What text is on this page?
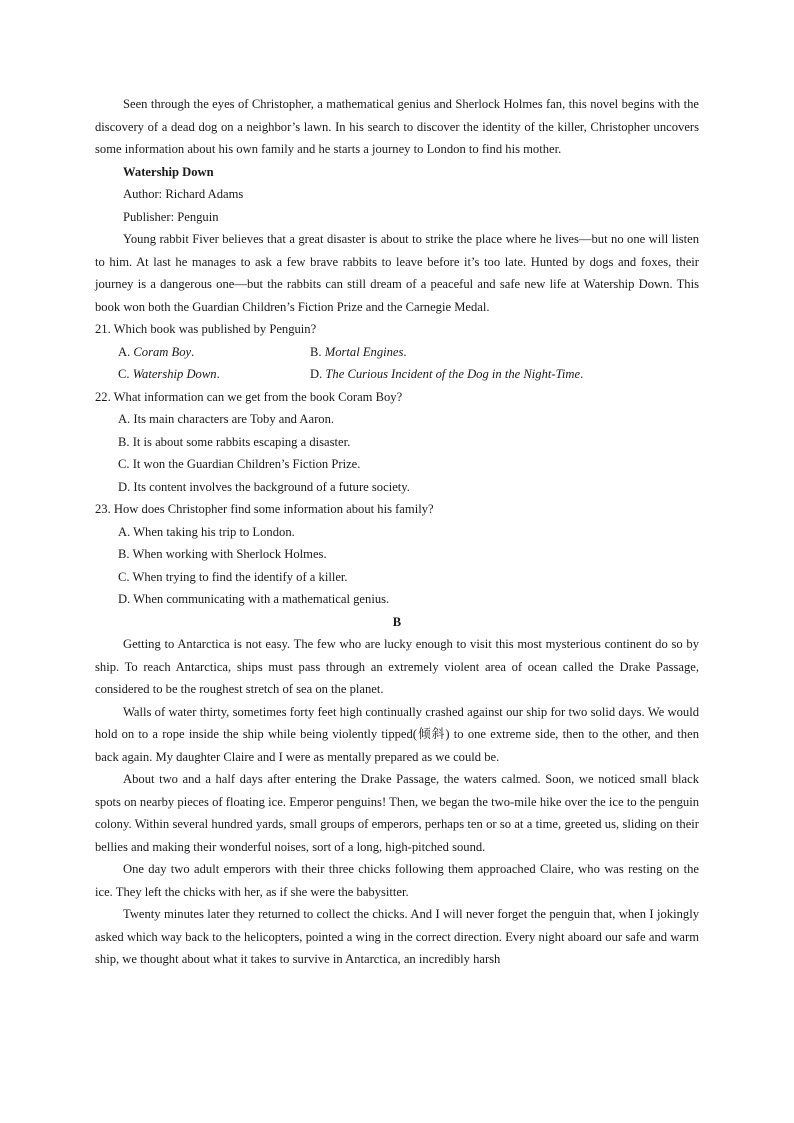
Seen through the eyes of Christopher, a mathematical genius and Sherlock Holmes fan, this novel begins with the discovery of a dead dog on a neighbor’s lawn. In his search to discover the identity of the killer, Christopher uncovers some information about his own family and he starts a journey to London to find his mother.

Watership Down

Author: Richard Adams

Publisher: Penguin

Young rabbit Fiver believes that a great disaster is about to strike the place where he lives—but no one will listen to him. At last he manages to ask a few brave rabbits to leave before it’s too late. Hunted by dogs and foxes, their journey is a dangerous one—but the rabbits can still dream of a peaceful and safe new life at Watership Down. This book won both the Guardian Children’s Fiction Prize and the Carnegie Medal.

21. Which book was published by Penguin?

A. Coram Boy.	B. Mortal Engines.
C. Watership Down.	D. The Curious Incident of the Dog in the Night-Time.

22. What information can we get from the book Coram Boy?

A. Its main characters are Toby and Aaron.

B. It is about some rabbits escaping a disaster.

C. It won the Guardian Children’s Fiction Prize.

D. Its content involves the background of a future society.

23. How does Christopher find some information about his family?

A. When taking his trip to London.

B. When working with Sherlock Holmes.

C. When trying to find the identify of a killer.

D. When communicating with a mathematical genius.

B

Getting to Antarctica is not easy. The few who are lucky enough to visit this most mysterious continent do so by ship. To reach Antarctica, ships must pass through an extremely violent area of ocean called the Drake Passage, considered to be the roughest stretch of sea on the planet.

Walls of water thirty, sometimes forty feet high continually crashed against our ship for two solid days. We would hold on to a rope inside the ship while being violently tipped(倾斜) to one extreme side, then to the other, and then back again. My daughter Claire and I were as mentally prepared as we could be.

About two and a half days after entering the Drake Passage, the waters calmed. Soon, we noticed small black spots on nearby pieces of floating ice. Emperor penguins! Then, we began the two-mile hike over the ice to the penguin colony. Within several hundred yards, small groups of emperors, perhaps ten or so at a time, greeted us, sliding on their bellies and making their wonderful noises, sort of a long, high-pitched sound.

One day two adult emperors with their three chicks following them approached Claire, who was resting on the ice. They left the chicks with her, as if she were the babysitter.

Twenty minutes later they returned to collect the chicks. And I will never forget the penguin that, when I jokingly asked which way back to the helicopters, pointed a wing in the correct direction. Every night aboard our safe and warm ship, we thought about what it takes to survive in Antarctica, an incredibly harsh
